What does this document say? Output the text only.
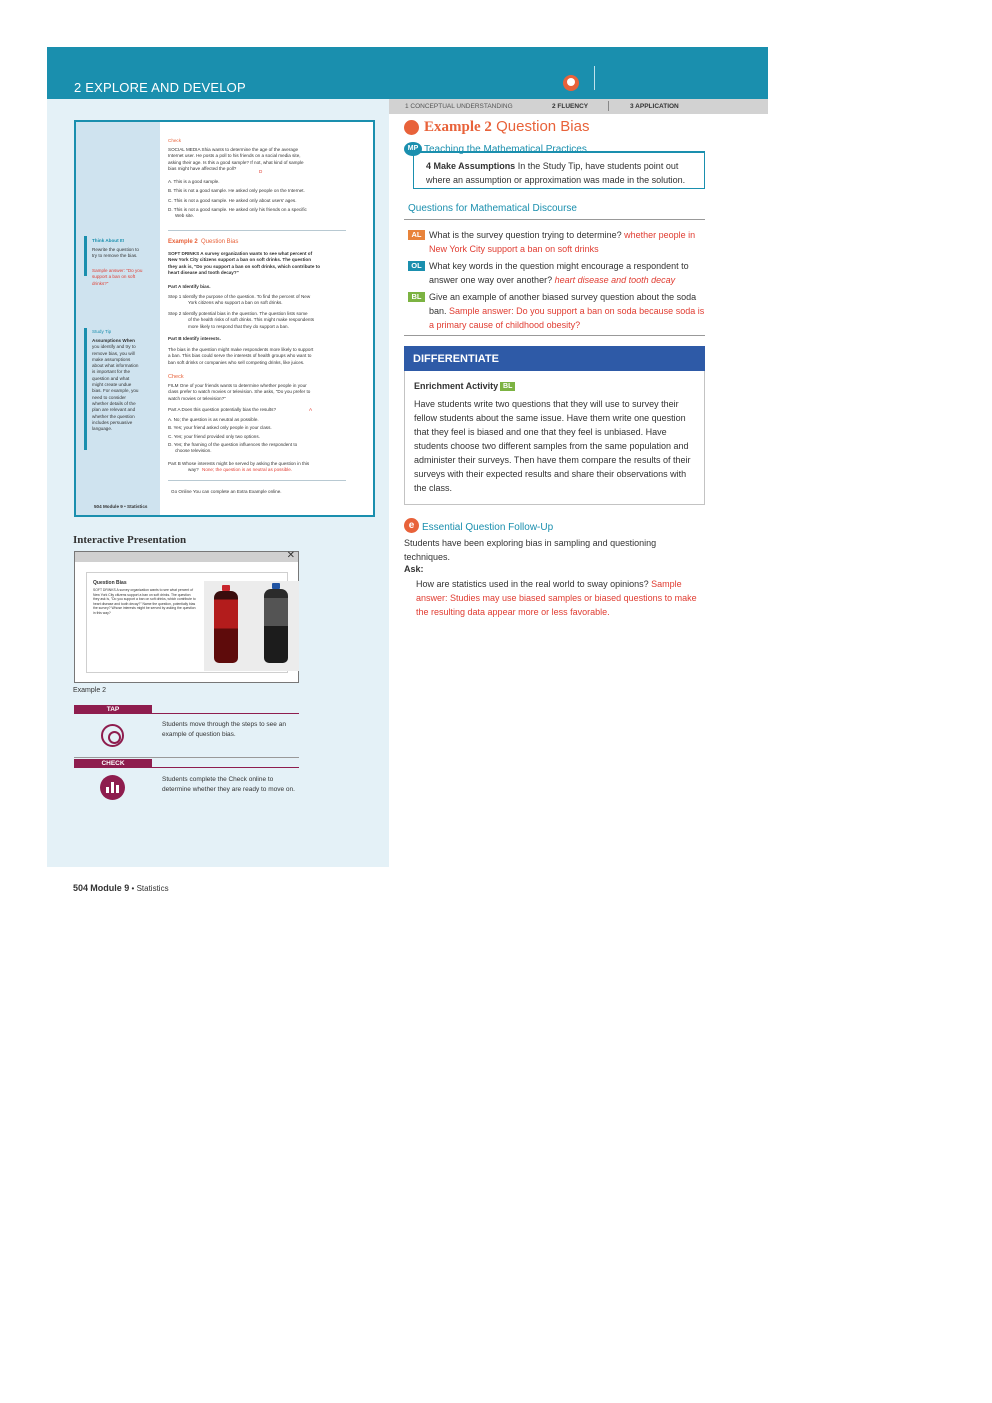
2 EXPLORE AND DEVELOP
Check
SOCIAL MEDIA Shia wants to determine the age of the average
Internet user. He posts a poll to his friends on a social media site,
asking their age. Is this a good sample? If not, what kind of sample
bias might have affected the poll?
D
A. This is a good sample.
B. This is not a good sample. He asked only people on the Internet.
C. This is not a good sample. He asked only about users' ages.
D. This is not a good sample. He asked only his friends on a specific
Web site.
Think About It!
Rewrite the question to
try to remove the bias.
Sample answer: "Do you
support a ban on soft
drinks?"
Example 2 Question Bias
SOFT DRINKS A survey organization wants to see what percent of
New York City citizens support a ban on soft drinks. The question
they ask is, "Do you support a ban on soft drinks, which contribute to
heart disease and tooth decay?"
Part A Identify bias.
Step 1 Identify the purpose of the question. To find the percent of New
York citizens who support a ban on soft drinks.
Step 2 Identify potential bias in the question. The question lists some
of the health risks of soft drinks. This might make respondents
more likely to respond that they do support a ban.
Part B Identify interests.
The bias in the question might make respondents more likely to support
a ban. This bias could serve the interests of health groups who want to
ban soft drinks or companies who sell competing drinks, like juices.
Study Tip
Assumptions When
you identify and try to
remove bias, you will
make assumptions
about what information
is important for the
question and what
might create undue
bias. For example, you
need to consider
whether details of the
plan are relevant and
whether the question
includes persuasive
language.
Check
FILM One of your friends wants to determine whether people in your
class prefer to watch movies or television. She asks, "Do you prefer to
watch movies or television?"
Part A Does this question potentially bias the results?	A
A. No; the question is as neutral as possible.
B. Yes; your friend asked only people in your class.
C. Yes; your friend provided only two options.
D. Yes; the framing of the question influences the respondent to
choose television.
Part B Whose interests might be served by asking the question in this
way? None; the question is as neutral as possible.
Go Online You can complete an Extra Example online.
504 Module 9 • Statistics
Interactive Presentation
✕
Question Bias
SOFT DRINKS A survey organization wants to see what percent of
New York City citizens support a ban on soft drinks. The question
they ask is, "Do you support a ban on soft drinks, which contribute to
heart disease and tooth decay?" Name the question, potentially bias
the survey? Whose interests might be served by asking the question
in this way?
Example 2
TAP
Students move through the steps to see an example of question bias.
CHECK
Students complete the Check online to determine whether they are ready to move on.
504 Module 9 • Statistics
1 CONCEPTUAL UNDERSTANDING	2 FLUENCY	3 APPLICATION
Example 2 Question Bias
MP Teaching the Mathematical Practices
4 Make Assumptions In the Study Tip, have students point out where an assumption or approximation was made in the solution.
Questions for Mathematical Discourse
AL What is the survey question trying to determine? whether people in New York City support a ban on soft drinks
OL What key words in the question might encourage a respondent to answer one way over another? heart disease and tooth decay
BL Give an example of another biased survey question about the soda ban. Sample answer: Do you support a ban on soda because soda is a primary cause of childhood obesity?
DIFFERENTIATE
Enrichment Activity BL
Have students write two questions that they will use to survey their fellow students about the same issue. Have them write one question that they feel is biased and one that they feel is unbiased. Have students choose two different samples from the same population and administer their surveys. Then have them compare the results of their surveys with their expected results and share their observations with the class.
e Essential Question Follow-Up
Students have been exploring bias in sampling and questioning techniques.
Ask:
How are statistics used in the real world to sway opinions? Sample answer: Studies may use biased samples or biased questions to make the resulting data appear more or less favorable.
